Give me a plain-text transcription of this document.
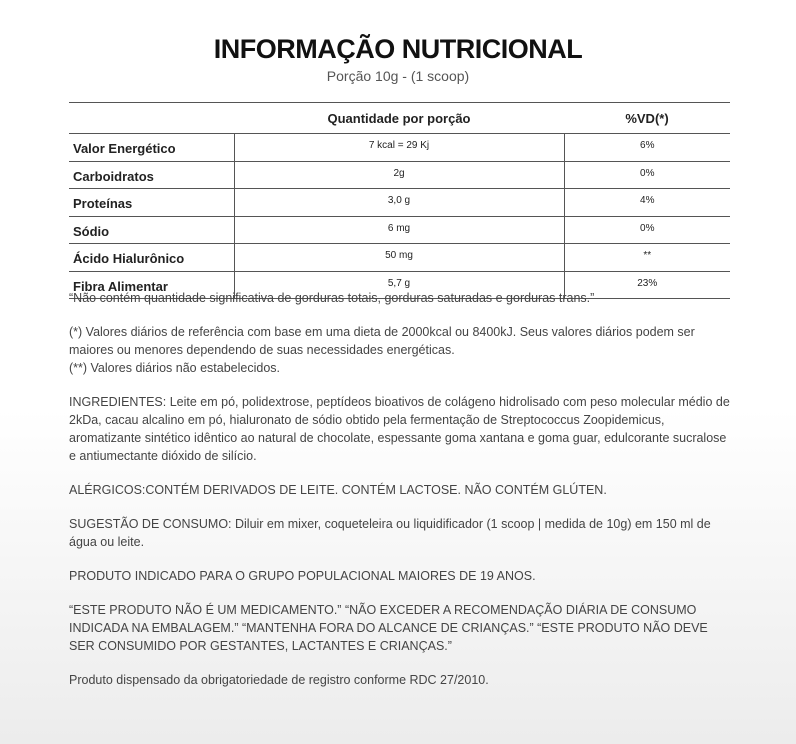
INFORMAÇÃO NUTRICIONAL
Porção 10g - (1 scoop)
	Quantidade por porção	%VD(*)
Valor Energético	7 kcal = 29 Kj	6%
Carboidratos	2g	0%
Proteínas	3,0 g	4%
Sódio	6 mg	0%
Ácido Hialurônico	50 mg	**
Fibra Alimentar	5,7 g	23%

“Não contém quantidade significativa de gorduras totais, gorduras saturadas e gorduras trans.”

(*) Valores diários de referência com base em uma dieta de 2000kcal ou 8400kJ. Seus valores diários podem ser maiores ou menores dependendo de suas necessidades energéticas.
(**) Valores diários não estabelecidos.

INGREDIENTES: Leite em pó, polidextrose, peptídeos bioativos de colágeno hidrolisado com peso molecular médio de 2kDa, cacau alcalino em pó, hialuronato de sódio obtido pela fermentação de Streptococcus Zoopidemicus, aromatizante sintético idêntico ao natural de chocolate, espessante goma xantana e goma guar, edulcorante sucralose e antiumectante dióxido de silício.

ALÉRGICOS:CONTÉM DERIVADOS DE LEITE. CONTÉM LACTOSE. NÃO CONTÉM GLÚTEN.

SUGESTÃO DE CONSUMO: Diluir em mixer, coqueteleira ou liquidificador (1 scoop | medida de 10g) em 150 ml de água ou leite.

PRODUTO INDICADO PARA O GRUPO POPULACIONAL MAIORES DE 19 ANOS.

“ESTE PRODUTO NÃO É UM MEDICAMENTO.” “NÃO EXCEDER A RECOMENDAÇÃO DIÁRIA DE CONSUMO INDICADA NA EMBALAGEM.” “MANTENHA FORA DO ALCANCE DE CRIANÇAS.” “ESTE PRODUTO NÃO DEVE SER CONSUMIDO POR GESTANTES, LACTANTES E CRIANÇAS.”

Produto dispensado da obrigatoriedade de registro conforme RDC 27/2010.
